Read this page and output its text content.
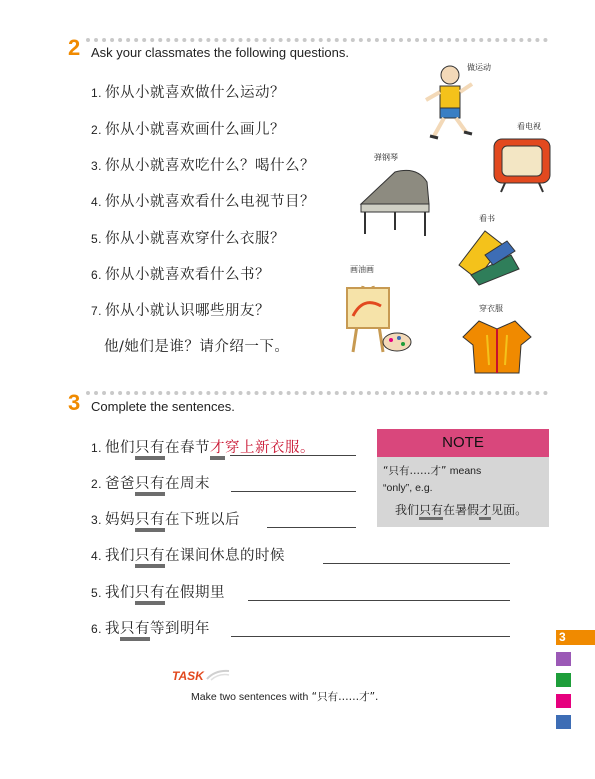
2 Ask your classmates the following questions.
1. 你从小就喜欢做什么运动？
2. 你从小就喜欢画什么画儿？
3. 你从小就喜欢吃什么？喝什么？
4. 你从小就喜欢看什么电视节目？
5. 你从小就喜欢穿什么衣服？
6. 你从小就喜欢看什么书？
7. 你从小就认识哪些朋友？
他/她们是谁？请介绍一下。
做运动
看电视
弹钢琴
看书
画油画
穿衣服
3 Complete the sentences.
1. 他们只有在春节才穿上新衣服。
2. 爸爸只有在周末
3. 妈妈只有在下班以后
4. 我们只有在课间休息的时候
5. 我们只有在假期里
6. 我只有等到明年
NOTE
“只有……才” means
“only”, e.g.
我们只有在暑假才见面。
TASK
Make two sentences with “只有……才”.
3
